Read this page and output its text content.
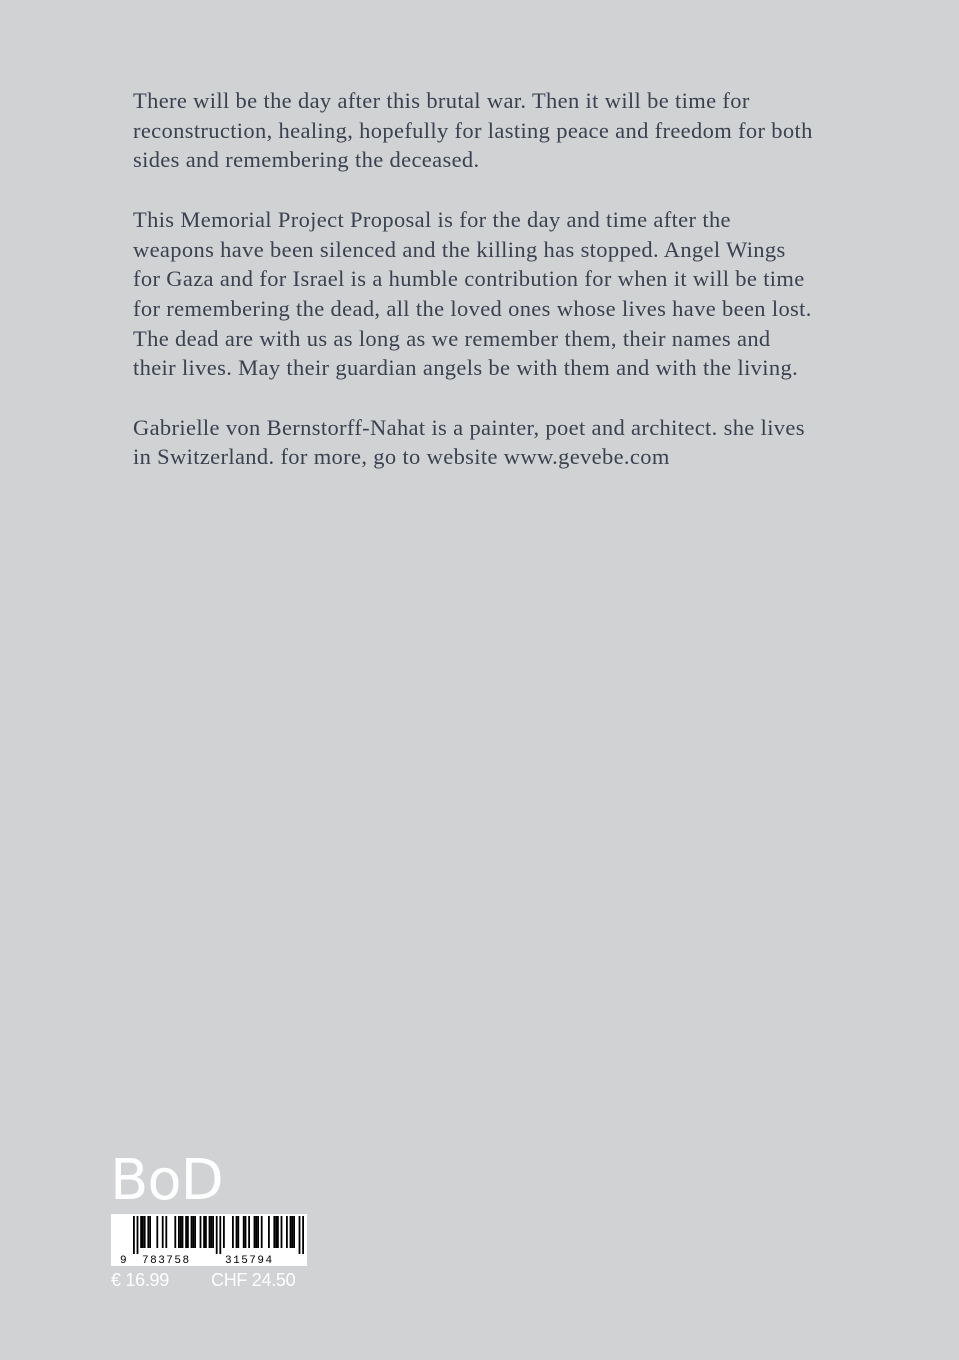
There will be the day after this brutal war. Then it will be time for reconstruction, healing, hopefully for lasting peace and freedom for both sides and remembering the deceased.

This Memorial Project Proposal is for the day and time after the weapons have been silenced and the killing has stopped. Angel Wings for Gaza and for Israel is a humble contribution for when it will be time for remembering the dead, all the loved ones whose lives have been lost. The dead are with us as long as we remember them, their names and their lives. May their guardian angels be with them and with the living.

Gabrielle von Bernstorff-Nahat is a painter, poet and architect. she lives in Switzerland. for more, go to website www.gevebe.com

BoD
9 783758	315794
€ 16.99 CHF 24.50
